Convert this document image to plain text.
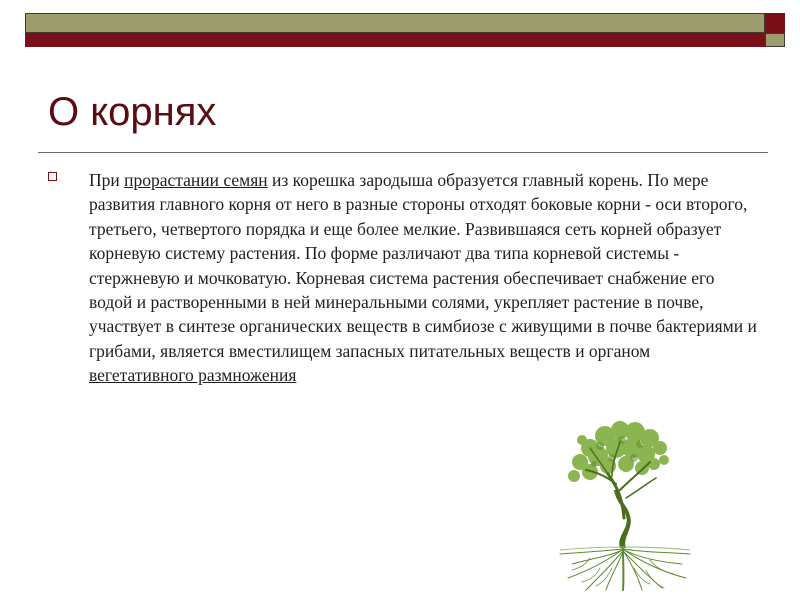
О корнях

При прорастании семян из корешка зародыша образуется главный корень. По мере развития главного корня от него в разные стороны отходят боковые корни - оси второго, третьего, четвертого порядка и еще более мелкие. Развившаяся сеть корней образует корневую систему растения. По форме различают два типа корневой системы - стержневую и мочковатую. Корневая система растения обеспечивает снабжение его водой и растворенными в ней минеральными солями, укрепляет растение в почве, участвует в синтезе органических веществ в симбиозе с живущими в почве бактериями и грибами, является вместилищем запасных питательных веществ и органом вегетативного размножения
